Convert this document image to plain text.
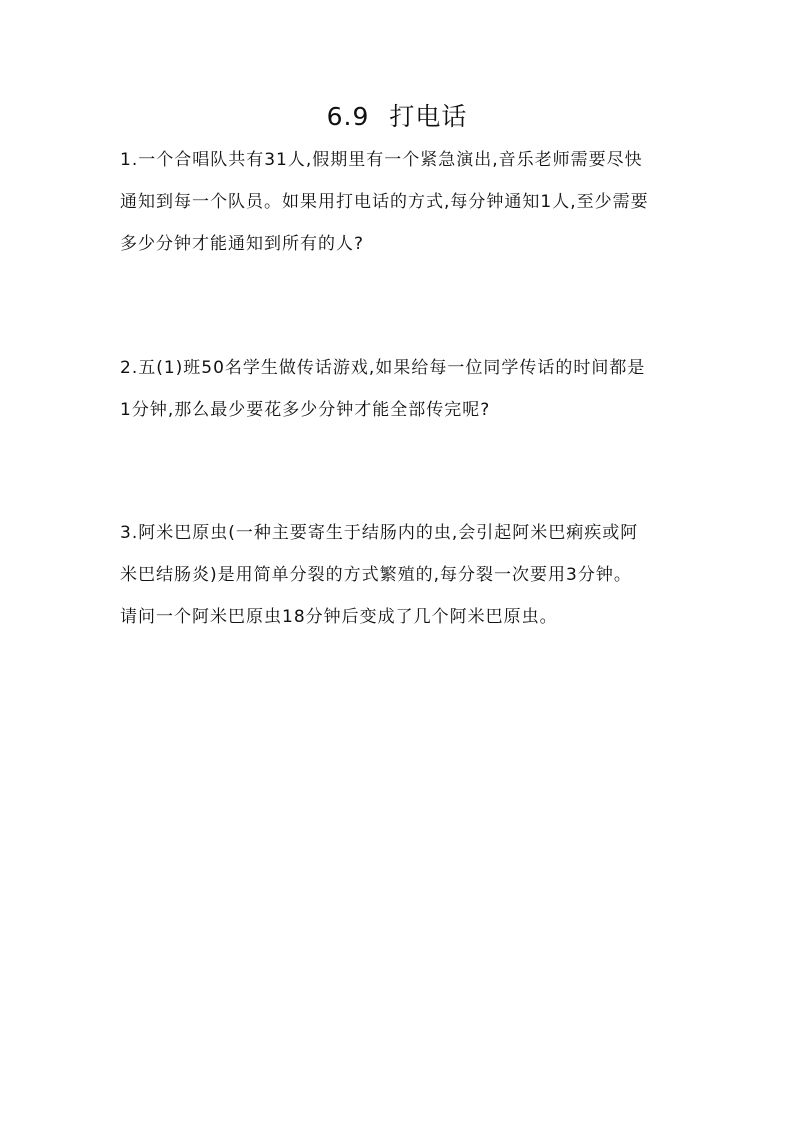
6.9 打电话
1.一个合唱队共有31人,假期里有一个紧急演出,音乐老师需要尽快
通知到每一个队员。如果用打电话的方式,每分钟通知1人,至少需要
多少分钟才能通知到所有的人?
2.五(1)班50名学生做传话游戏,如果给每一位同学传话的时间都是
1分钟,那么最少要花多少分钟才能全部传完呢?
3.阿米巴原虫(一种主要寄生于结肠内的虫,会引起阿米巴痢疾或阿
米巴结肠炎)是用简单分裂的方式繁殖的,每分裂一次要用3分钟。
请问一个阿米巴原虫18分钟后变成了几个阿米巴原虫。
